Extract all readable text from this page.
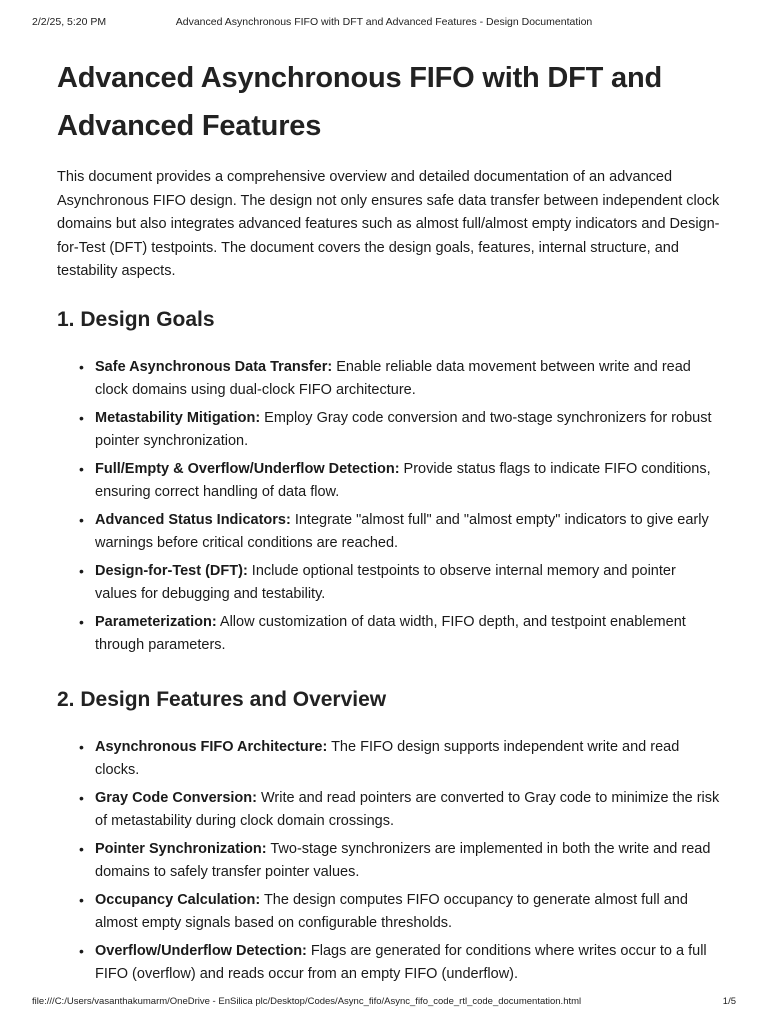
2/2/25, 5:20 PM	Advanced Asynchronous FIFO with DFT and Advanced Features - Design Documentation
Advanced Asynchronous FIFO with DFT and Advanced Features

This document provides a comprehensive overview and detailed documentation of an advanced Asynchronous FIFO design. The design not only ensures safe data transfer between independent clock domains but also integrates advanced features such as almost full/almost empty indicators and Design-for-Test (DFT) testpoints. The document covers the design goals, features, internal structure, and testability aspects.

1. Design Goals
• Safe Asynchronous Data Transfer: Enable reliable data movement between write and read clock domains using dual-clock FIFO architecture.
• Metastability Mitigation: Employ Gray code conversion and two-stage synchronizers for robust pointer synchronization.
• Full/Empty & Overflow/Underflow Detection: Provide status flags to indicate FIFO conditions, ensuring correct handling of data flow.
• Advanced Status Indicators: Integrate "almost full" and "almost empty" indicators to give early warnings before critical conditions are reached.
• Design-for-Test (DFT): Include optional testpoints to observe internal memory and pointer values for debugging and testability.
• Parameterization: Allow customization of data width, FIFO depth, and testpoint enablement through parameters.
2. Design Features and Overview
• Asynchronous FIFO Architecture: The FIFO design supports independent write and read clocks.
• Gray Code Conversion: Write and read pointers are converted to Gray code to minimize the risk of metastability during clock domain crossings.
• Pointer Synchronization: Two-stage synchronizers are implemented in both the write and read domains to safely transfer pointer values.
• Occupancy Calculation: The design computes FIFO occupancy to generate almost full and almost empty signals based on configurable thresholds.
• Overflow/Underflow Detection: Flags are generated for conditions where writes occur to a full FIFO (overflow) and reads occur from an empty FIFO (underflow).
file:///C:/Users/vasanthakumarm/OneDrive - EnSilica plc/Desktop/Codes/Async_fifo/Async_fifo_code_rtl_code_documentation.html	1/5
